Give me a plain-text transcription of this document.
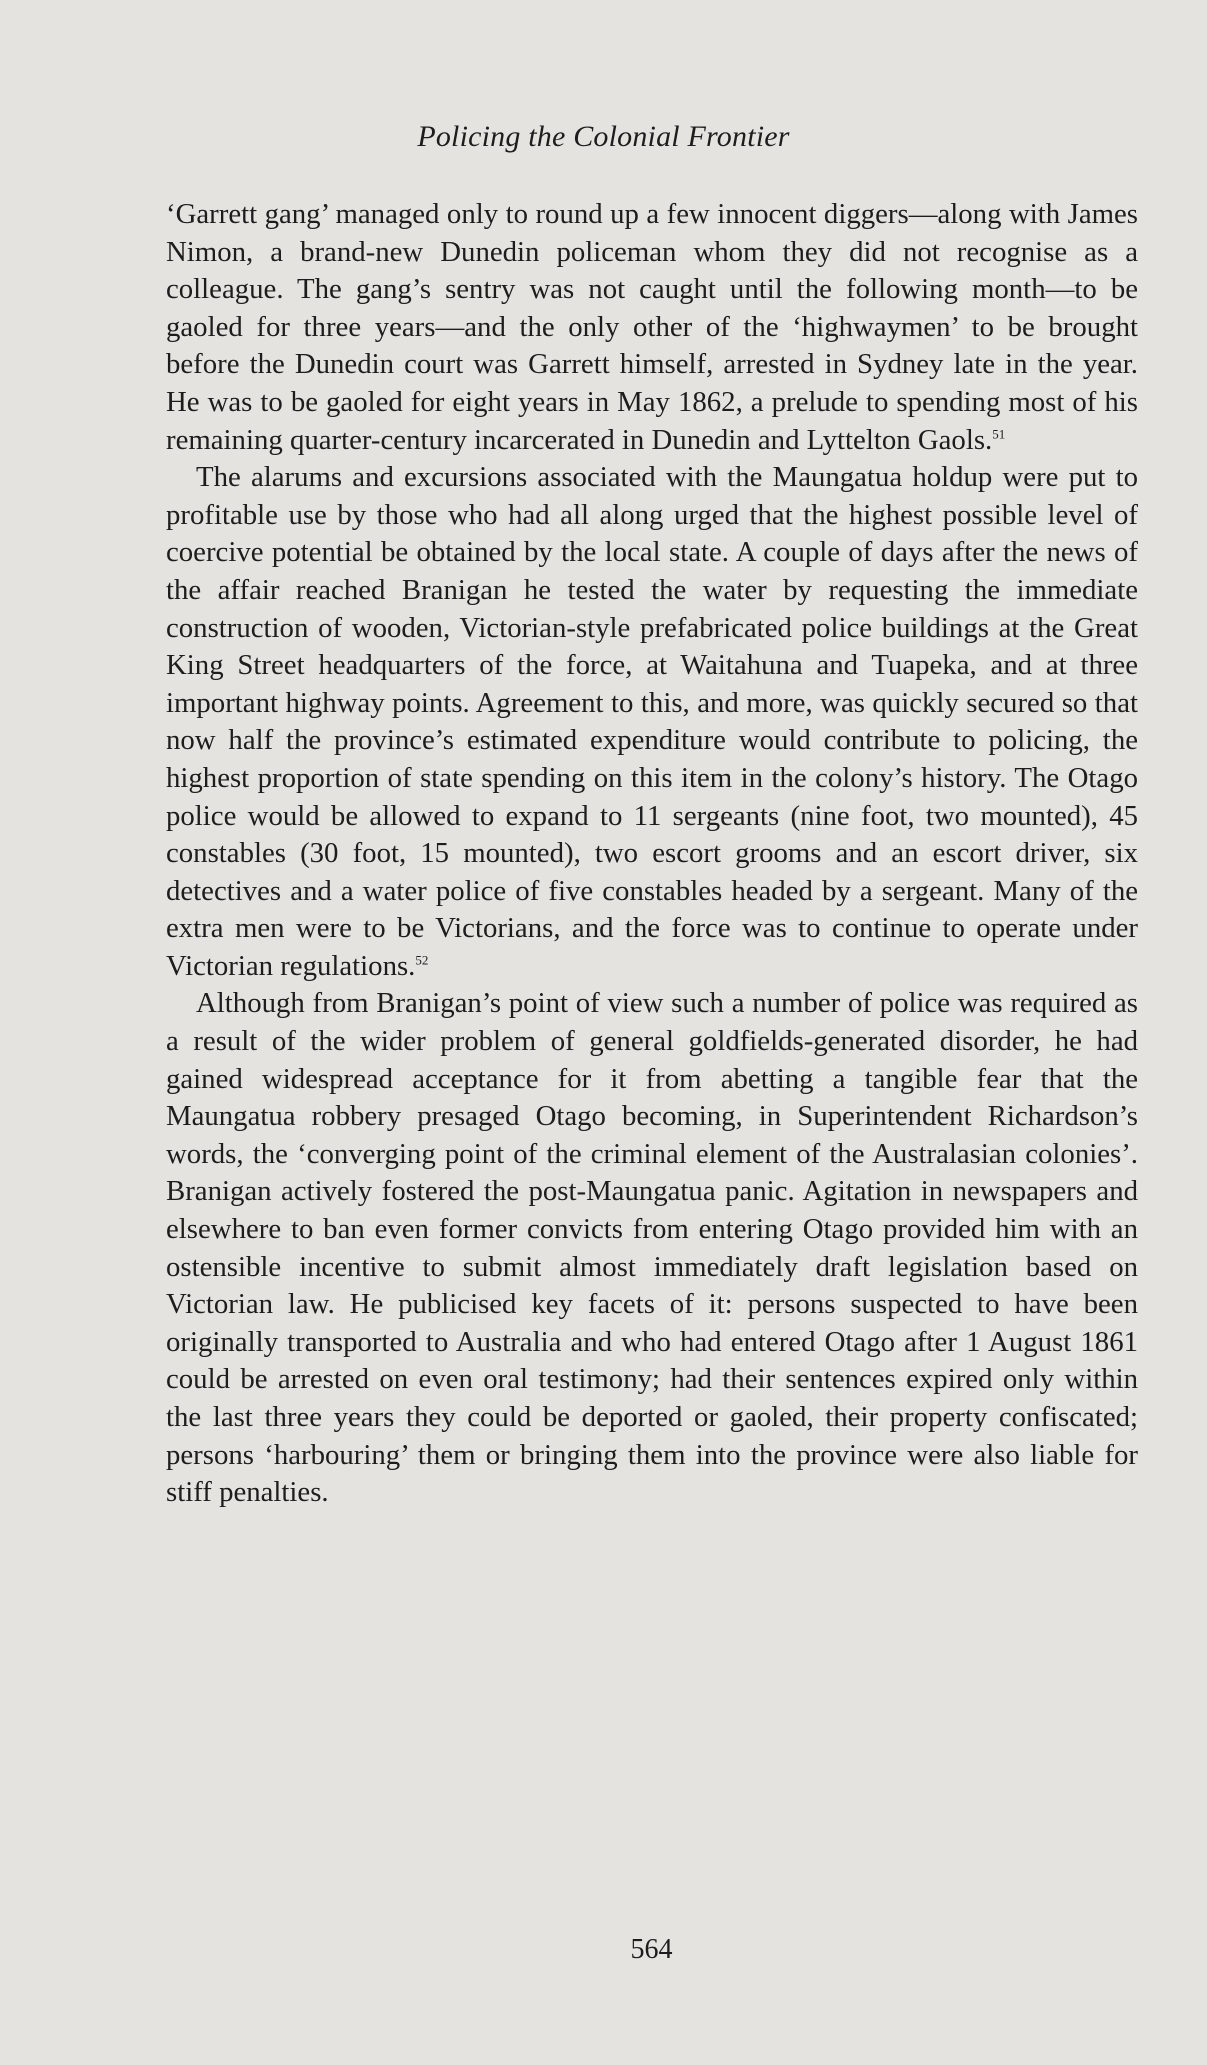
Policing the Colonial Frontier

‘Garrett gang’ managed only to round up a few innocent diggers—along with James Nimon, a brand-new Dunedin policeman whom they did not recognise as a colleague. The gang’s sentry was not caught until the following month—to be gaoled for three years—and the only other of the ‘highwaymen’ to be brought before the Dunedin court was Garrett himself, arrested in Sydney late in the year. He was to be gaoled for eight years in May 1862, a prelude to spending most of his remaining quarter-century incarcerated in Dunedin and Lyttelton Gaols.$^{51}$

The alarums and excursions associated with the Maungatua holdup were put to profitable use by those who had all along urged that the highest possible level of coercive potential be obtained by the local state. A couple of days after the news of the affair reached Branigan he tested the water by requesting the immediate construction of wooden, Victorian-style prefabricated police buildings at the Great King Street headquarters of the force, at Waitahuna and Tuapeka, and at three important highway points. Agreement to this, and more, was quickly secured so that now half the province’s estimated expenditure would contribute to policing, the highest proportion of state spending on this item in the colony’s history. The Otago police would be allowed to expand to 11 sergeants (nine foot, two mounted), 45 constables (30 foot, 15 mounted), two escort grooms and an escort driver, six detectives and a water police of five constables headed by a sergeant. Many of the extra men were to be Victorians, and the force was to continue to operate under Victorian regulations.$^{52}$

Although from Branigan’s point of view such a number of police was required as a result of the wider problem of general goldfields-generated disorder, he had gained widespread acceptance for it from abetting a tangible fear that the Maungatua robbery presaged Otago becoming, in Superintendent Richardson’s words, the ‘converging point of the criminal element of the Australasian colonies’. Branigan actively fostered the post-Maungatua panic. Agitation in newspapers and elsewhere to ban even former convicts from entering Otago provided him with an ostensible incentive to submit almost immediately draft legislation based on Victorian law. He publicised key facets of it: persons suspected to have been originally transported to Australia and who had entered Otago after 1 August 1861 could be arrested on even oral testimony; had their sentences expired only within the last three years they could be deported or gaoled, their property confiscated; persons ‘harbouring’ them or bringing them into the province were also liable for stiff penalties.

564
